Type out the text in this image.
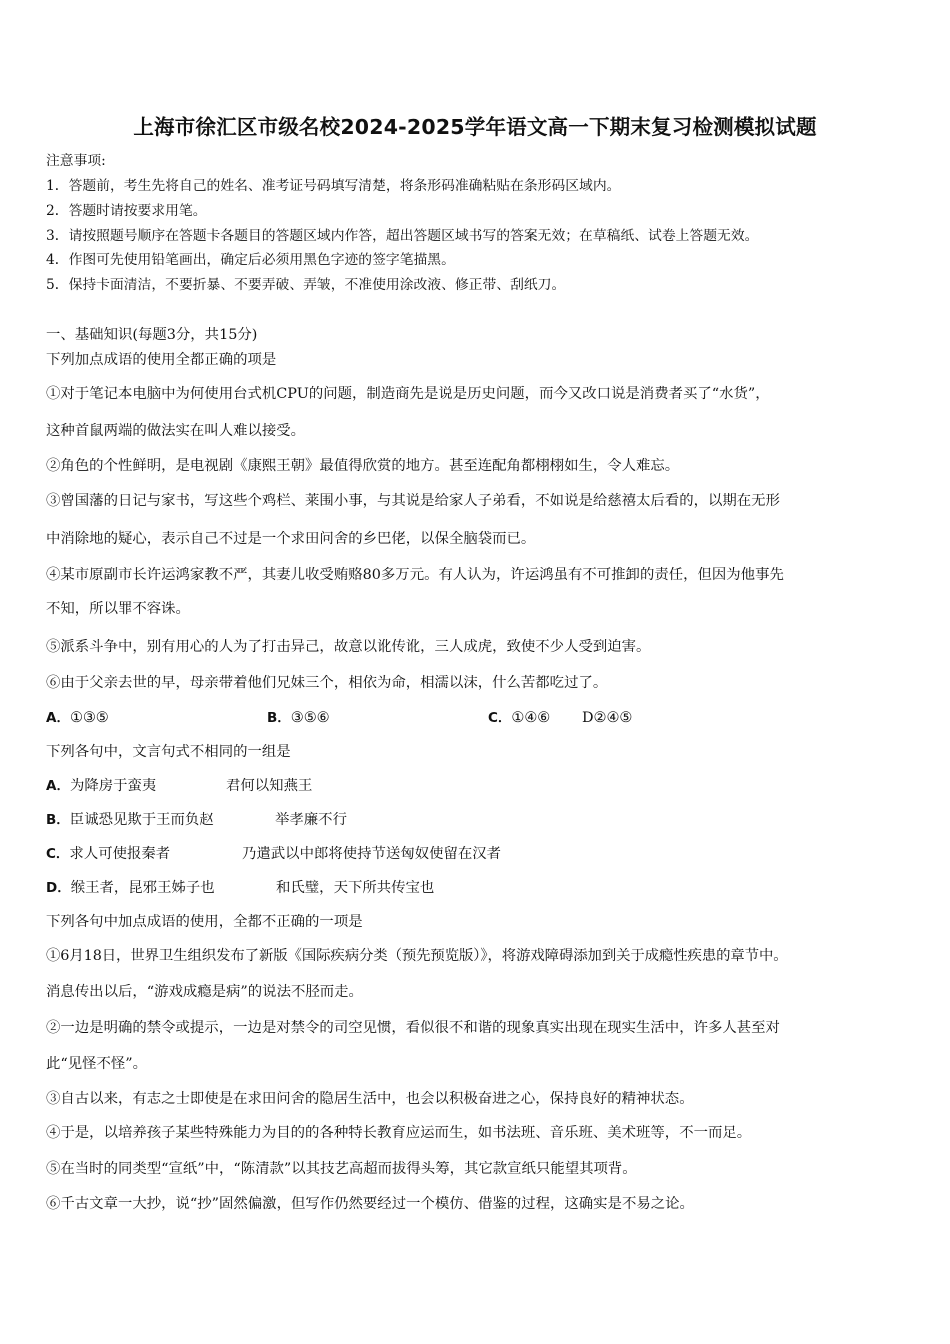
上海市徐汇区市级名校2024-2025学年语文高一下期末复习检测模拟试题
注意事项:
1．答题前，考生先将自己的姓名、准考证号码填写清楚，将条形码准确粘贴在条形码区域内。
2．答题时请按要求用笔。
3．请按照题号顺序在答题卡各题目的答题区域内作答，超出答题区域书写的答案无效；在草稿纸、试卷上答题无效。
4．作图可先使用铅笔画出，确定后必须用黑色字迹的签字笔描黑。
5．保持卡面清洁，不要折暴、不要弄破、弄皱，不准使用涂改液、修正带、刮纸刀。
一、基础知识(每题3分，共15分)
下列加点成语的使用全都正确的项是
①对于笔记本电脑中为何使用台式机CPU的问题，制造商先是说是历史问题，而今又改口说是消费者买了“水货”，
这种首鼠两端的做法实在叫人难以接受。
②角色的个性鲜明，是电视剧《康熙王朝》最值得欣赏的地方。甚至连配角都栩栩如生，令人难忘。
③曾国藩的日记与家书，写这些个鸡栏、莱围小事，与其说是给家人子弟看，不如说是给慈禧太后看的，以期在无形
中消除地的疑心，表示自己不过是一个求田问舍的乡巴佬，以保全脑袋而已。
④某市原副市长许运鸿家教不严，其妻儿收受贿赂80多万元。有人认为，许运鸿虽有不可推卸的责任，但因为他事先
不知，所以罪不容诛。
⑤派系斗争中，别有用心的人为了打击异己，故意以讹传讹，三人成虎，致使不少人受到迫害。
⑥由于父亲去世的早，母亲带着他们兄妹三个，相依为命，相濡以沫，什么苦都吃过了。
A．①③⑤	B．③⑤⑥	C．①④⑥ D②④⑤
下列各句中，文言句式不相同的一组是
A．为降房于蛮夷	君何以知燕王
B．臣诚恐见欺于王而负赵	举孝廉不行
C．求人可使报秦者	乃遣武以中郎将使持节送匈奴使留在汉者
D．缑王者，昆邪王姊子也	和氏璧，天下所共传宝也
下列各句中加点成语的使用，全都不正确的一项是
①6月18日，世界卫生组织发布了新版《国际疾病分类（预先预览版）》，将游戏障碍添加到关于成瘾性疾患的章节中。
消息传出以后，“游戏成瘾是病”的说法不胫而走。
②一边是明确的禁令或提示，一边是对禁令的司空见惯，看似很不和谐的现象真实出现在现实生活中，许多人甚至对
此“见怪不怪”。
③自古以来，有志之士即使是在求田问舍的隐居生活中，也会以积极奋进之心，保持良好的精神状态。
④于是，以培养孩子某些特殊能力为目的的各种特长教育应运而生，如书法班、音乐班、美术班等，不一而足。
⑤在当时的同类型“宣纸”中，“陈清款”以其技艺高超而拔得头筹，其它款宣纸只能望其项背。
⑥千古文章一大抄，说“抄”固然偏激，但写作仍然要经过一个模仿、借鉴的过程，这确实是不易之论。
